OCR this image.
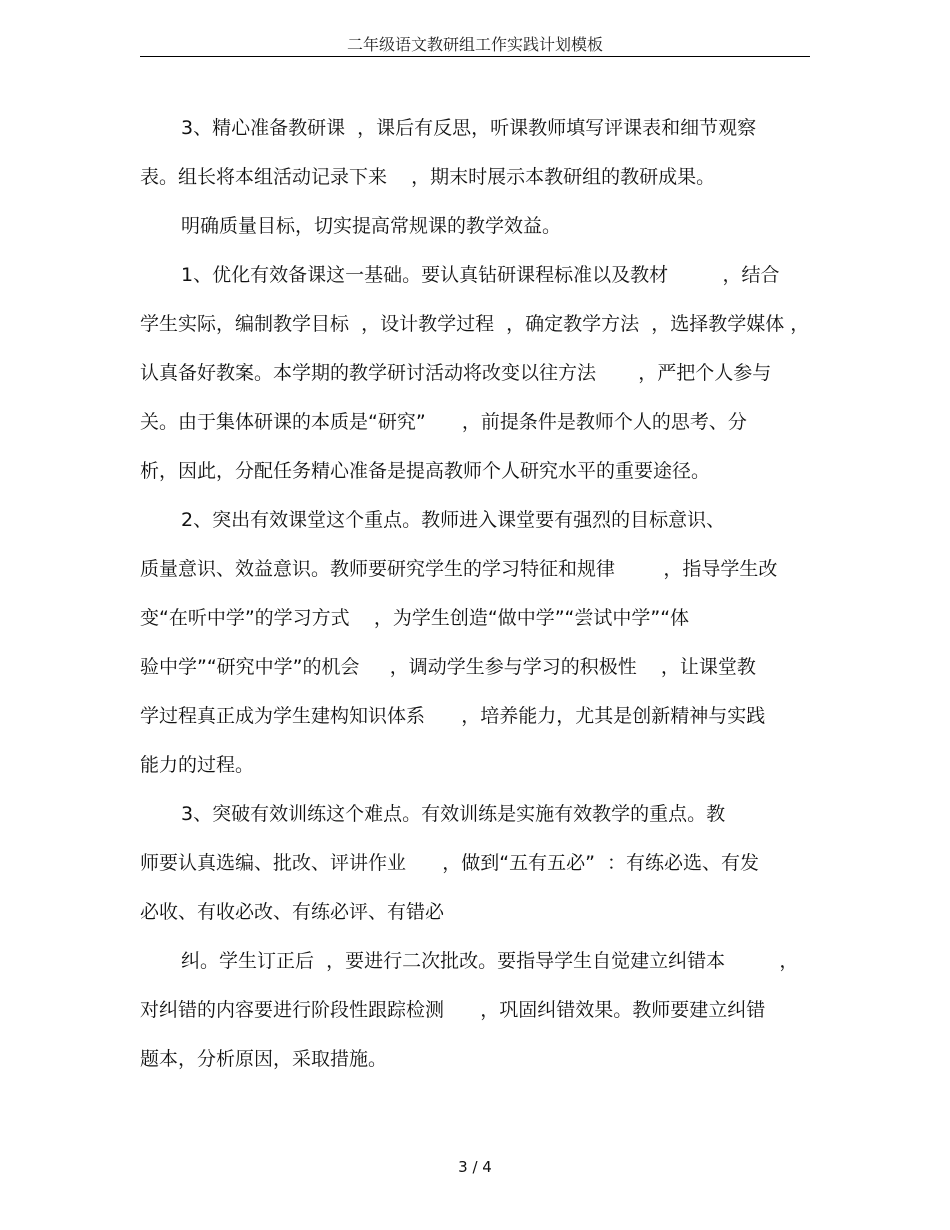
二年级语文教研组工作实践计划模板
3、精心准备教研课  ，课后有反思，听课教师填写评课表和细节观察
表。组长将本组活动记录下来    ，期末时展示本教研组的教研成果。
明确质量目标，切实提高常规课的教学效益。
1、优化有效备课这一基础。要认真钻研课程标准以及教材         ，结合
学生实际，编制教学目标  ，设计教学过程  ，确定教学方法  ，选择教学媒体 ，
认真备好教案。本学期的教学研讨活动将改变以往方法       ，严把个人参与
关。由于集体研课的本质是“研究”      ，前提条件是教师个人的思考、分
析，因此，分配任务精心准备是提高教师个人研究水平的重要途径。
2、突出有效课堂这个重点。教师进入课堂要有强烈的目标意识、
质量意识、效益意识。教师要研究学生的学习特征和规律        ，指导学生改
变“在听中学”的学习方式    ，为学生创造“做中学”“尝试中学”“体
验中学”“研究中学”的机会     ，调动学生参与学习的积极性    ，让课堂教
学过程真正成为学生建构知识体系      ，培养能力，尤其是创新精神与实践
能力的过程。
3、突破有效训练这个难点。有效训练是实施有效教学的重点。教
师要认真选编、批改、评讲作业      ，做到“五有五必”  ：有练必选、有发
必收、有收必改、有练必评、有错必
纠。学生订正后  ，要进行二次批改。要指导学生自觉建立纠错本         ，
对纠错的内容要进行阶段性跟踪检测      ，巩固纠错效果。教师要建立纠错
题本，分析原因，采取措施。
3 / 4
